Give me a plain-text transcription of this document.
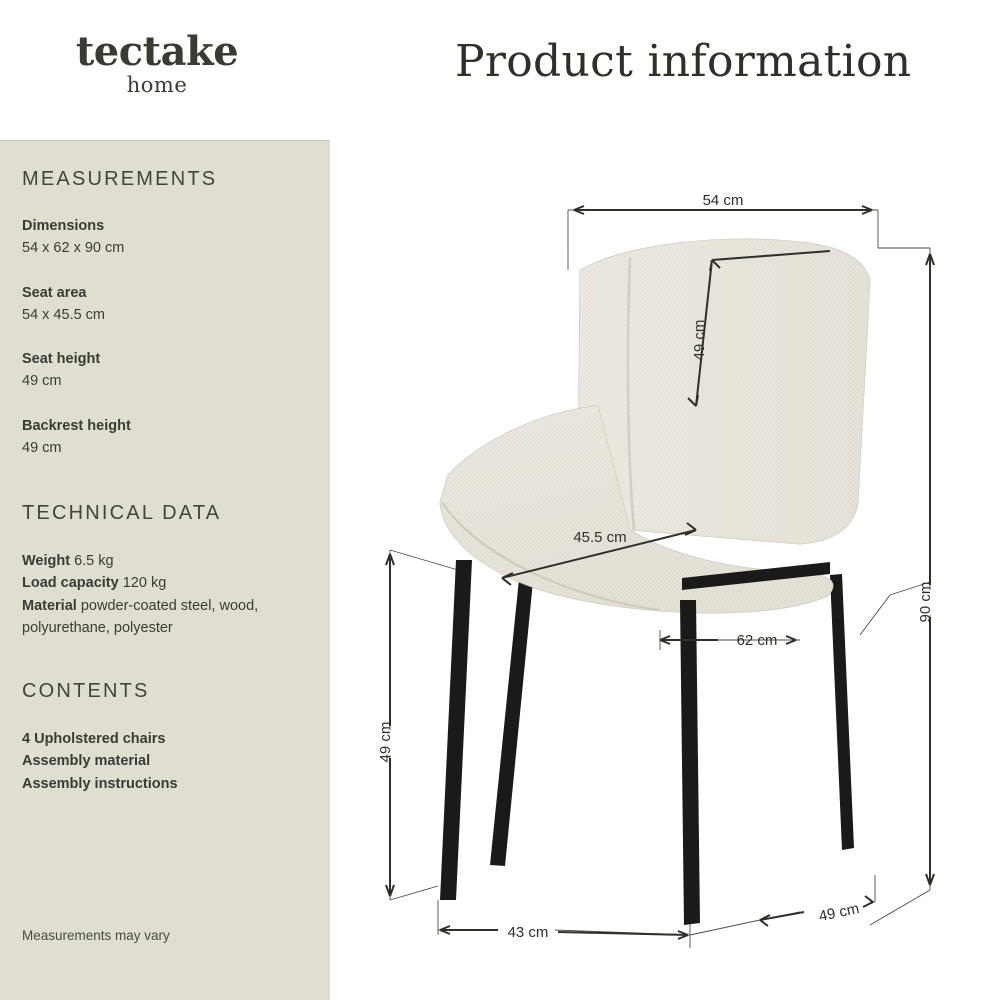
tectake
home
MEASUREMENTS
Dimensions
54 x 62 x 90 cm
Seat area
54 x 45.5 cm
Seat height
49 cm
Backrest height
49 cm
TECHNICAL DATA
Weight 6.5 kg
Load capacity 120 kg
Material powder-coated steel, wood, polyurethane, polyester
CONTENTS
4 Upholstered chairs
Assembly material
Assembly instructions
Measurements may vary
Product information
54 cm
49 cm
45.5 cm
90 cm
62 cm
49 cm
43 cm
49 cm
